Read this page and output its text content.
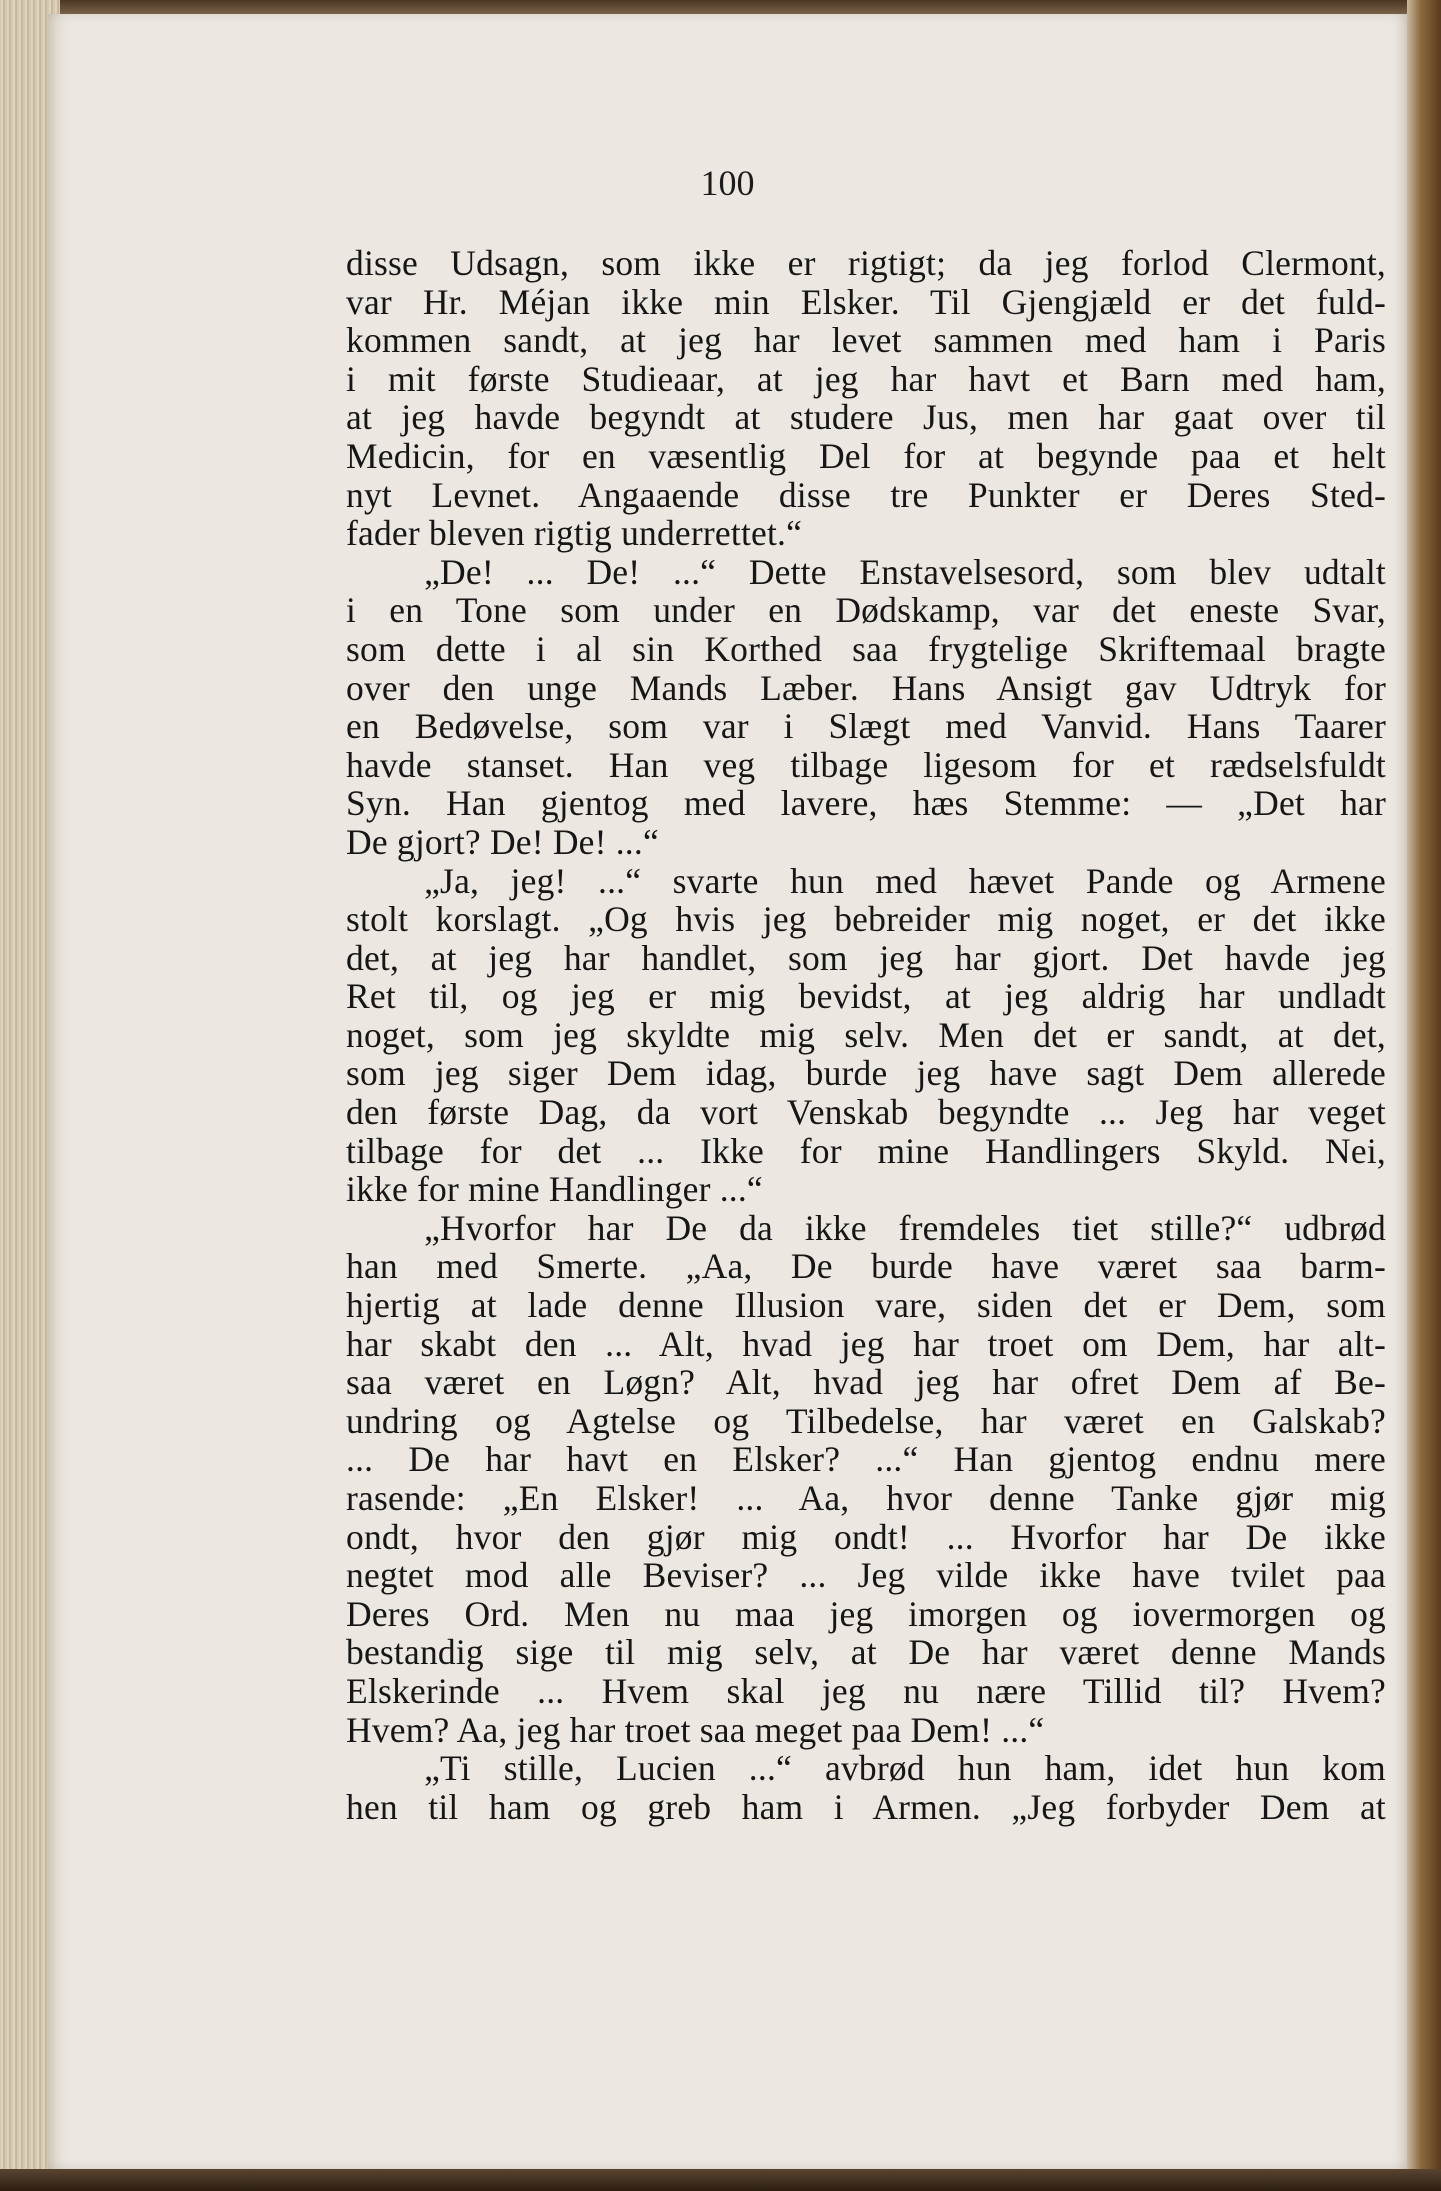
100
disse Udsagn, som ikke er rigtigt; da jeg forlod Clermont,
var Hr. Méjan ikke min Elsker. Til Gjengjæld er det fuld-
kommen sandt, at jeg har levet sammen med ham i Paris
i mit første Studieaar, at jeg har havt et Barn med ham,
at jeg havde begyndt at studere Jus, men har gaat over til
Medicin, for en væsentlig Del for at begynde paa et helt
nyt Levnet. Angaaende disse tre Punkter er Deres Sted-
fader bleven rigtig underrettet.“
„De! ... De! ...“ Dette Enstavelsesord, som blev udtalt
i en Tone som under en Dødskamp, var det eneste Svar,
som dette i al sin Korthed saa frygtelige Skriftemaal bragte
over den unge Mands Læber. Hans Ansigt gav Udtryk for
en Bedøvelse, som var i Slægt med Vanvid. Hans Taarer
havde stanset. Han veg tilbage ligesom for et rædselsfuldt
Syn. Han gjentog med lavere, hæs Stemme: — „Det har
De gjort? De! De! ...“
„Ja, jeg! ...“ svarte hun med hævet Pande og Armene
stolt korslagt. „Og hvis jeg bebreider mig noget, er det ikke
det, at jeg har handlet, som jeg har gjort. Det havde jeg
Ret til, og jeg er mig bevidst, at jeg aldrig har undladt
noget, som jeg skyldte mig selv. Men det er sandt, at det,
som jeg siger Dem idag, burde jeg have sagt Dem allerede
den første Dag, da vort Venskab begyndte ... Jeg har veget
tilbage for det ... Ikke for mine Handlingers Skyld. Nei,
ikke for mine Handlinger ...“
„Hvorfor har De da ikke fremdeles tiet stille?“ udbrød
han med Smerte. „Aa, De burde have været saa barm-
hjertig at lade denne Illusion vare, siden det er Dem, som
har skabt den ... Alt, hvad jeg har troet om Dem, har alt-
saa været en Løgn? Alt, hvad jeg har ofret Dem af Be-
undring og Agtelse og Tilbedelse, har været en Galskab?
... De har havt en Elsker? ...“ Han gjentog endnu mere
rasende: „En Elsker! ... Aa, hvor denne Tanke gjør mig
ondt, hvor den gjør mig ondt! ... Hvorfor har De ikke
negtet mod alle Beviser? ... Jeg vilde ikke have tvilet paa
Deres Ord. Men nu maa jeg imorgen og iovermorgen og
bestandig sige til mig selv, at De har været denne Mands
Elskerinde ... Hvem skal jeg nu nære Tillid til? Hvem?
Hvem? Aa, jeg har troet saa meget paa Dem! ...“
„Ti stille, Lucien ...“ avbrød hun ham, idet hun kom
hen til ham og greb ham i Armen. „Jeg forbyder Dem at
